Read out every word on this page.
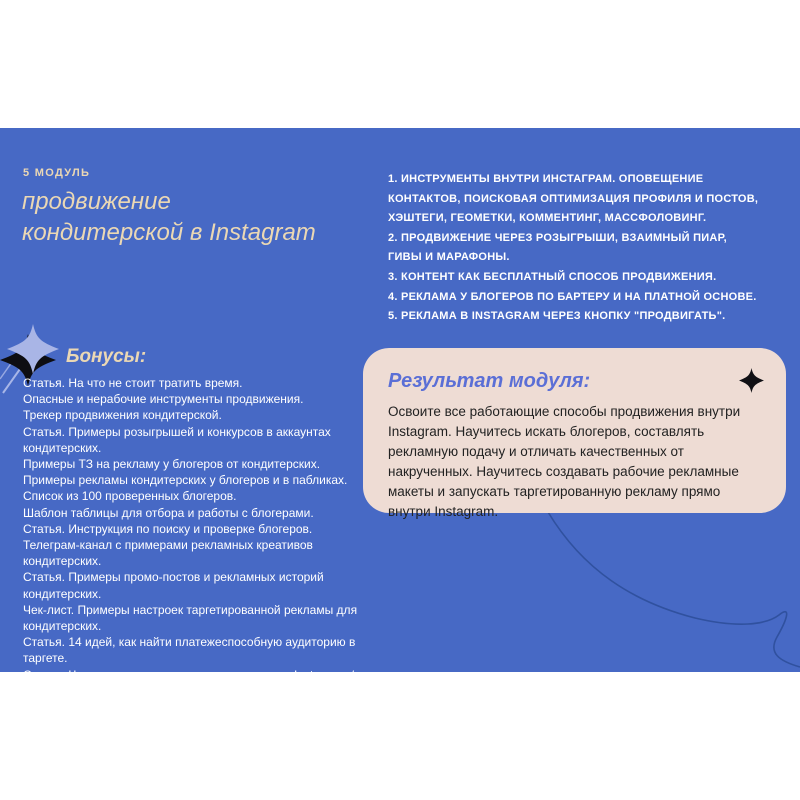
5 МОДУЛЬ
продвижение кондитерской в Instagram
1. ИНСТРУМЕНТЫ ВНУТРИ ИНСТАГРАМ. ОПОВЕЩЕНИЕ КОНТАКТОВ, ПОИСКОВАЯ ОПТИМИЗАЦИЯ ПРОФИЛЯ И ПОСТОВ, ХЭШТЕГИ, ГЕОМЕТКИ, КОММЕНТИНГ, МАССФОЛОВИНГ.
2. ПРОДВИЖЕНИЕ ЧЕРЕЗ РОЗЫГРЫШИ, ВЗАИМНЫЙ ПИАР, ГИВЫ И МАРАФОНЫ.
3. КОНТЕНТ КАК БЕСПЛАТНЫЙ СПОСОБ ПРОДВИЖЕНИЯ.
4. РЕКЛАМА У БЛОГЕРОВ ПО БАРТЕРУ И НА ПЛАТНОЙ ОСНОВЕ.
5. РЕКЛАМА В INSTAGRAM ЧЕРЕЗ КНОПКУ "ПРОДВИГАТЬ".
Бонусы:
Статья. На что не стоит тратить время.
Опасные и нерабочие инструменты продвижения.
Трекер продвижения кондитерской.
Статья. Примеры розыгрышей и конкурсов в аккаунтах кондитерских.
Примеры ТЗ на рекламу у блогеров от кондитерских.
Примеры рекламы кондитерских у блогеров и в пабликах.
Список из 100 проверенных блогеров.
Шаблон таблицы для отбора и работы с блогерами.
Статья. Инструкция по поиску и проверке блогеров.
Телеграм-канал с примерами рекламных креативов кондитерских.
Статья. Примеры промо-постов и рекламных историй кондитерских.
Чек-лист. Примеры настроек таргетированной рекламы для кондитерских.
Статья. 14 идей, как найти платежеспособную аудиторию в таргете.
Статья. Что запрещено показывать в рекламе в Instagram / Facebook.
Результат модуля:
Освоите все работающие способы продвижения внутри Instagram. Научитесь искать блогеров, составлять рекламную подачу и отличать качественных от накрученных. Научитесь создавать рабочие рекламные макеты и запускать таргетированную рекламу прямо внутри Instagram.
